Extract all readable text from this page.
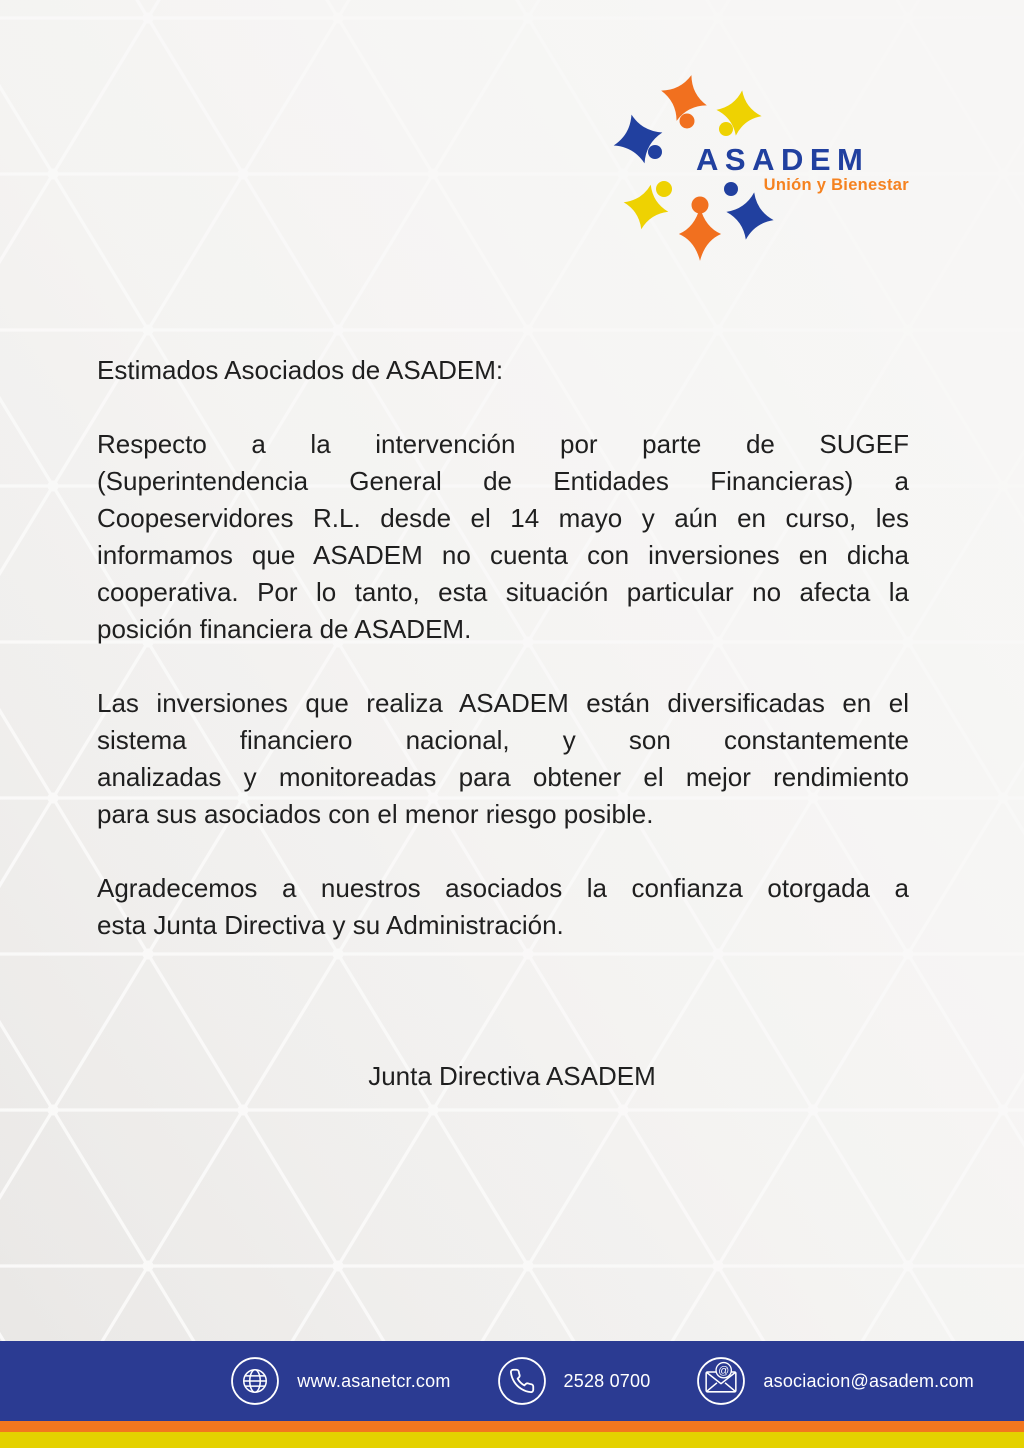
ASADEM
Unión y Bienestar
Estimados Asociados de ASADEM:
Respecto a la intervención por parte de SUGEF
(Superintendencia General de Entidades Financieras) a
Coopeservidores R.L. desde el 14 mayo y aún en curso, les
informamos que ASADEM no cuenta con inversiones en dicha
cooperativa. Por lo tanto, esta situación particular no afecta la
posición financiera de ASADEM.
Las inversiones que realiza ASADEM están diversificadas en el
sistema financiero nacional, y son constantemente
analizadas y monitoreadas para obtener el mejor rendimiento
para sus asociados con el menor riesgo posible.
Agradecemos a nuestros asociados la confianza otorgada a
esta Junta Directiva y su Administración.
Junta Directiva ASADEM
www.asanetcr.com	2528 0700	@ asociacion@asadem.com
